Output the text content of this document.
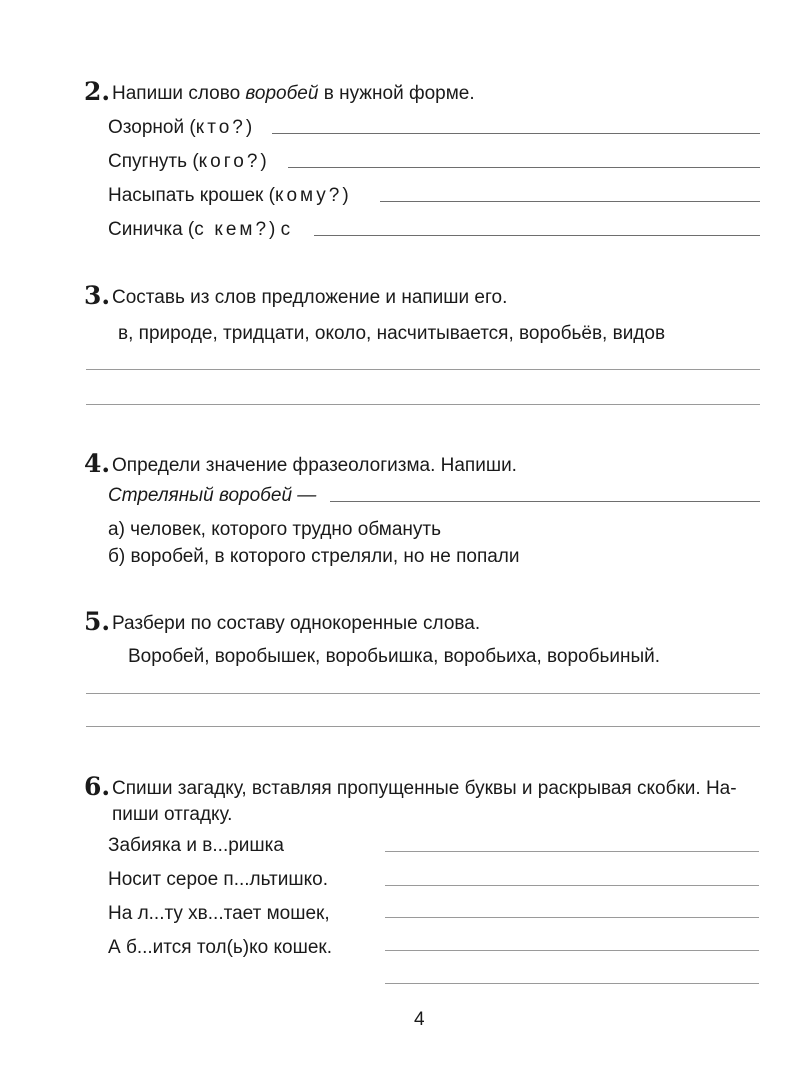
2. Напиши слово воробей в нужной форме.
Озорной (кто?)
Спугнуть (кого?)
Насыпать крошек (кому?)
Синичка (с  кем?) с
3. Составь из слов предложение и напиши его.
в, природе, тридцати, около, насчитывается, воробьёв, видов
4. Определи значение фразеологизма. Напиши.
Стреляный воробей —
а) человек, которого трудно обмануть
б) воробей, в которого стреляли, но не попали
5. Разбери по составу однокоренные слова.
Воробей, воробышек, воробьишка, воробьиха, воробьиный.
6. Спиши загадку, вставляя пропущенные буквы и раскрывая скобки. На-
пиши отгадку.
Забияка и в...ришка
Носит серое п...льтишко.
На л...ту хв...тает мошек,
А б...ится тол(ь)ко кошек.
4
